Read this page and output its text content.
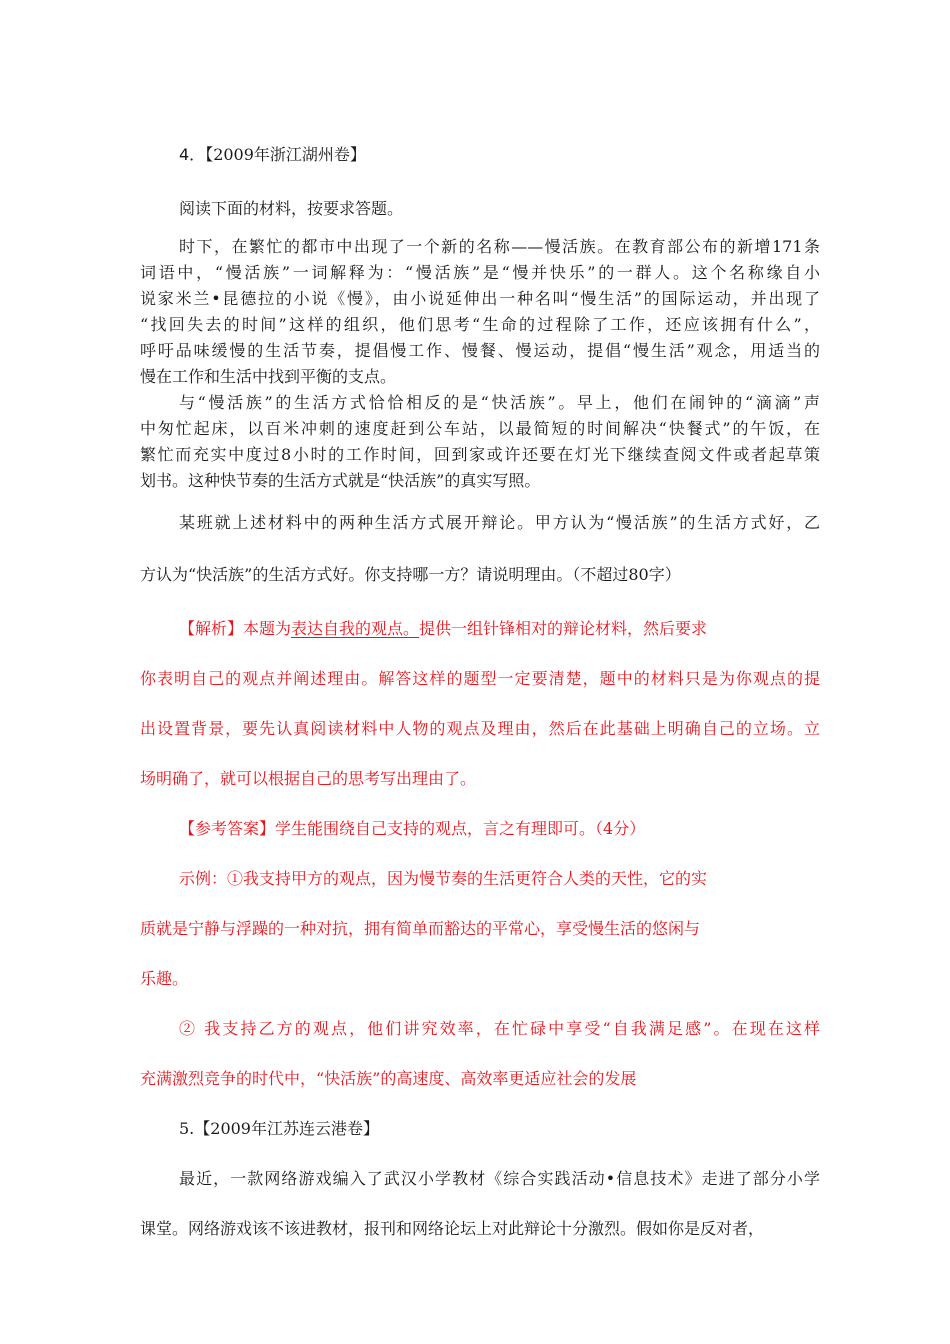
4．【2009年浙江湖州卷】
阅读下面的材料，按要求答题。
时下，在繁忙的都市中出现了一个新的名称——慢活族。在教育部公布的新增171条
词语中，“慢活族”一词解释为：“慢活族”是“慢并快乐”的一群人。这个名称缘自小
说家米兰•昆德拉的小说《慢》，由小说延伸出一种名叫“慢生活”的国际运动，并出现了
“找回失去的时间”这样的组织，他们思考“生命的过程除了工作，还应该拥有什么”，
呼吁品味缓慢的生活节奏，提倡慢工作、慢餐、慢运动，提倡“慢生活”观念，用适当的
慢在工作和生活中找到平衡的支点。
与“慢活族”的生活方式恰恰相反的是“快活族”。早上，他们在闹钟的“滴滴”声
中匆忙起床，以百米冲刺的速度赶到公车站，以最简短的时间解决“快餐式”的午饭，在
繁忙而充实中度过8小时的工作时间，回到家或许还要在灯光下继续查阅文件或者起草策
划书。这种快节奏的生活方式就是“快活族”的真实写照。
某班就上述材料中的两种生活方式展开辩论。甲方认为“慢活族”的生活方式好，乙
方认为“快活族”的生活方式好。你支持哪一方？请说明理由。（不超过80字）
【解析】本题为表达自我的观点。提供一组针锋相对的辩论材料，然后要求
你表明自己的观点并阐述理由。解答这样的题型一定要清楚，题中的材料只是为你观点的提
出设置背景，要先认真阅读材料中人物的观点及理由，然后在此基础上明确自己的立场。立
场明确了，就可以根据自己的思考写出理由了。
【参考答案】学生能围绕自己支持的观点，言之有理即可。（4分）
示例：①我支持甲方的观点，因为慢节奏的生活更符合人类的天性，它的实
质就是宁静与浮躁的一种对抗，拥有简单而豁达的平常心，享受慢生活的悠闲与
乐趣。
② 我支持乙方的观点，他们讲究效率，在忙碌中享受“自我满足感”。在现在这样
充满激烈竞争的时代中，“快活族”的高速度、高效率更适应社会的发展
5.【2009年江苏连云港卷】
最近，一款网络游戏编入了武汉小学教材《综合实践活动•信息技术》走进了部分小学
课堂。网络游戏该不该进教材，报刊和网络论坛上对此辩论十分激烈。假如你是反对者，
